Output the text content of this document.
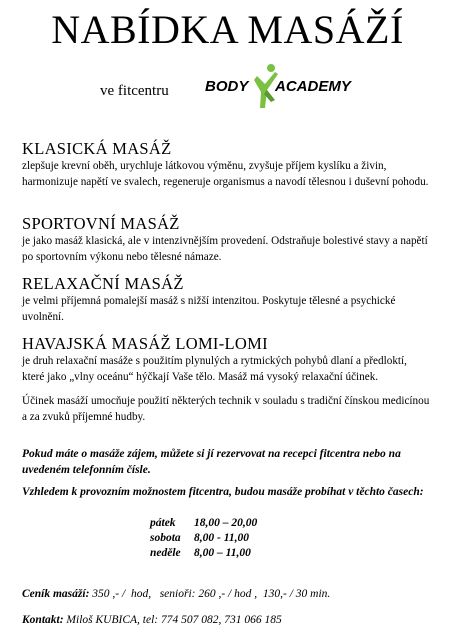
NABÍDKA MASÁŽÍ
ve fitcentru BODY ACADEMY
KLASICKÁ MASÁŽ
zlepšuje krevní oběh, urychluje látkovou výměnu, zvyšuje příjem kyslíku a živin, harmonizuje napětí ve svalech, regeneruje organismus a navodí tělesnou i duševní pohodu.
SPORTOVNÍ MASÁŽ
je jako masáž klasická, ale v intenzivnějším provedení. Odstraňuje bolestivé stavy a napětí po sportovním výkonu nebo tělesné námaze.
RELAXAČNÍ MASÁŽ
je velmi příjemná pomalejší masáž s nižší intenzitou. Poskytuje tělesné a psychické uvolnění.
HAVAJSKÁ MASÁŽ LOMI-LOMI
je druh relaxační masáže s použitím plynulých a rytmických pohybů dlaní a předloktí, které jako „vlny oceánu“ hýčkají Vaše tělo. Masáž má vysoký relaxační účinek.
Účinek masáží umocňuje použití některých technik v souladu s tradiční čínskou medicínou a za zvuků příjemné hudby.
Pokud máte o masáže zájem, můžete si jí rezervovat na recepci fitcentra nebo na uvedeném telefonním čísle.
Vzhledem k provozním možnostem fitcentra, budou masáže probíhat v těchto časech:
pátek	18,00 – 20,00
sobota	8,00 - 11,00
neděle	8,00 – 11,00
Ceník masáží: 350 ,- /  hod,   senioři: 260 ,- / hod ,  130,- / 30 min.
Kontakt: Miloš KUBICA, tel: 774 507 082, 731 066 185
